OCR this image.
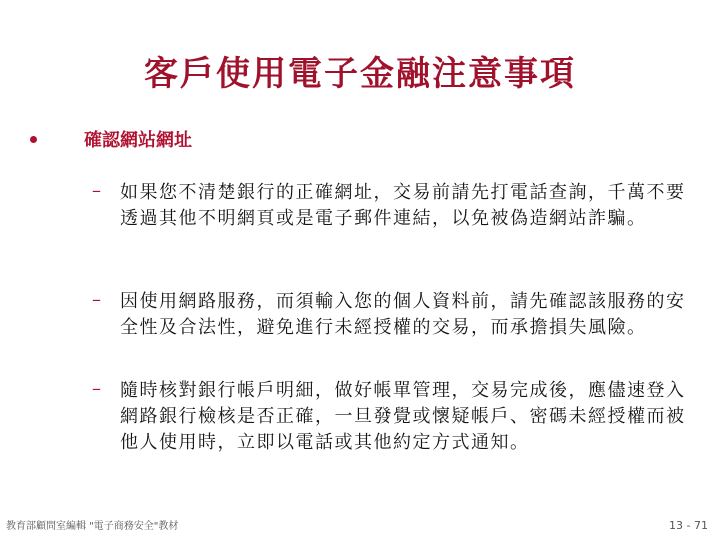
客戶使用電子金融注意事項
確認網站網址
– 如果您不清楚銀行的正確網址，交易前請先打電話查詢，千萬不要透過其他不明網頁或是電子郵件連結，以免被偽造網站詐騙。
– 因使用網路服務，而須輸入您的個人資料前，請先確認該服務的安全性及合法性，避免進行未經授權的交易，而承擔損失風險。
– 隨時核對銀行帳戶明細，做好帳單管理，交易完成後，應儘速登入網路銀行檢核是否正確，一旦發覺或懷疑帳戶、密碼未經授權而被他人使用時，立即以電話或其他約定方式通知。
教育部顧問室編輯 "電子商務安全"教材	13 - 71
